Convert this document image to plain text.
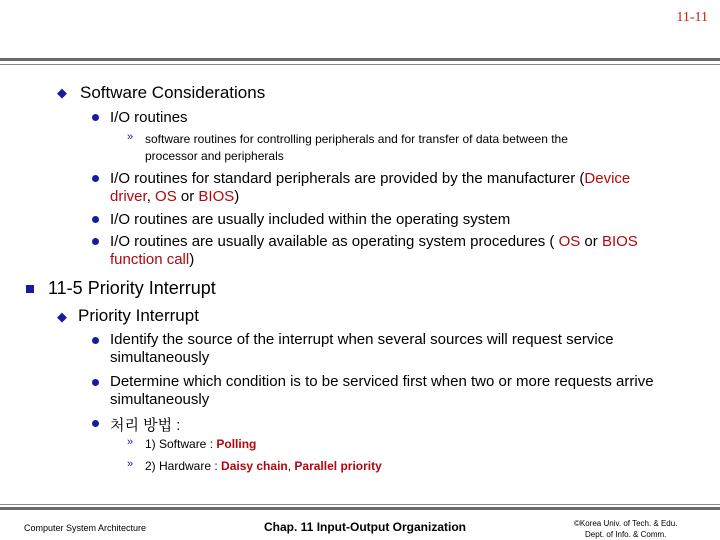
11-11
◆ Software Considerations
I/O routines
» software routines for controlling peripherals and for transfer of data between the
processor and peripherals
I/O routines for standard peripherals are provided by the manufacturer (Device
driver, OS or BIOS)
I/O routines are usually included within the operating system
I/O routines are usually available as operating system procedures ( OS or BIOS
function call)
11-5 Priority Interrupt
◆ Priority Interrupt
Identify the source of the interrupt when several sources will request service
simultaneously
Determine which condition is to be serviced first when two or more requests arrive
simultaneously
처리 방법 :
» 1) Software : Polling
» 2) Hardware : Daisy chain, Parallel priority
Computer System Architecture	Chap. 11 Input-Output Organization	©Korea Univ. of Tech. & Edu.
Dept. of Info. & Comm.
